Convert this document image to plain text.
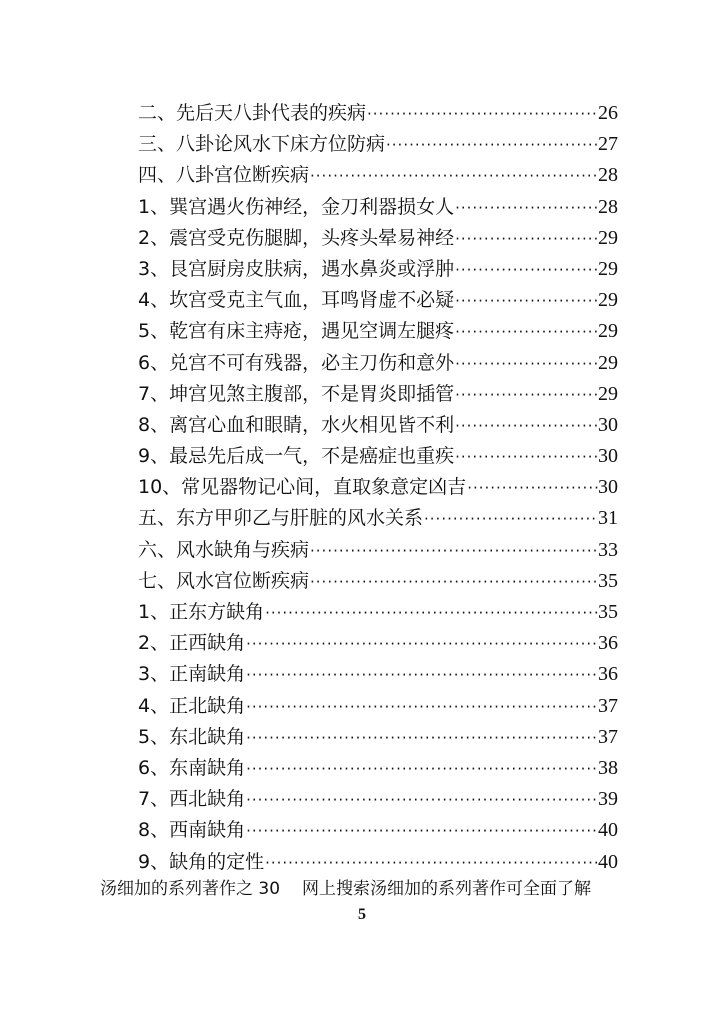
二、先后天八卦代表的疾病 ·····	26
三、八卦论风水下床方位防病 ·····	27
四、八卦宫位断疾病 ·····	28
1、巽宫遇火伤神经，金刀利器损女人 ·····	28
2、震宫受克伤腿脚，头疼头晕易神经 ·····	29
3、艮宫厨房皮肤病，遇水鼻炎或浮肿 ·····	29
4、坎宫受克主气血，耳鸣肾虚不必疑 ·····	29
5、乾宫有床主痔疮，遇见空调左腿疼 ·····	29
6、兑宫不可有残器，必主刀伤和意外 ·····	29
7、坤宫见煞主腹部，不是胃炎即插管 ·····	29
8、离宫心血和眼睛，水火相见皆不利 ·····	30
9、最忌先后成一气，不是癌症也重疾 ·····	30
10、常见器物记心间，直取象意定凶吉 ·····	30
五、东方甲卯乙与肝脏的风水关系 ·····	31
六、风水缺角与疾病 ·····	33
七、风水宫位断疾病 ·····	35
1、正东方缺角 ·····	35
2、正西缺角 ·····	36
3、正南缺角 ·····	36
4、正北缺角 ·····	37
5、东北缺角 ·····	37
6、东南缺角 ·····	38
7、西北缺角 ·····	39
8、西南缺角 ·····	40
9、缺角的定性 ·····	40
汤细加的系列著作之 30 网上搜索汤细加的系列著作可全面了解
5
